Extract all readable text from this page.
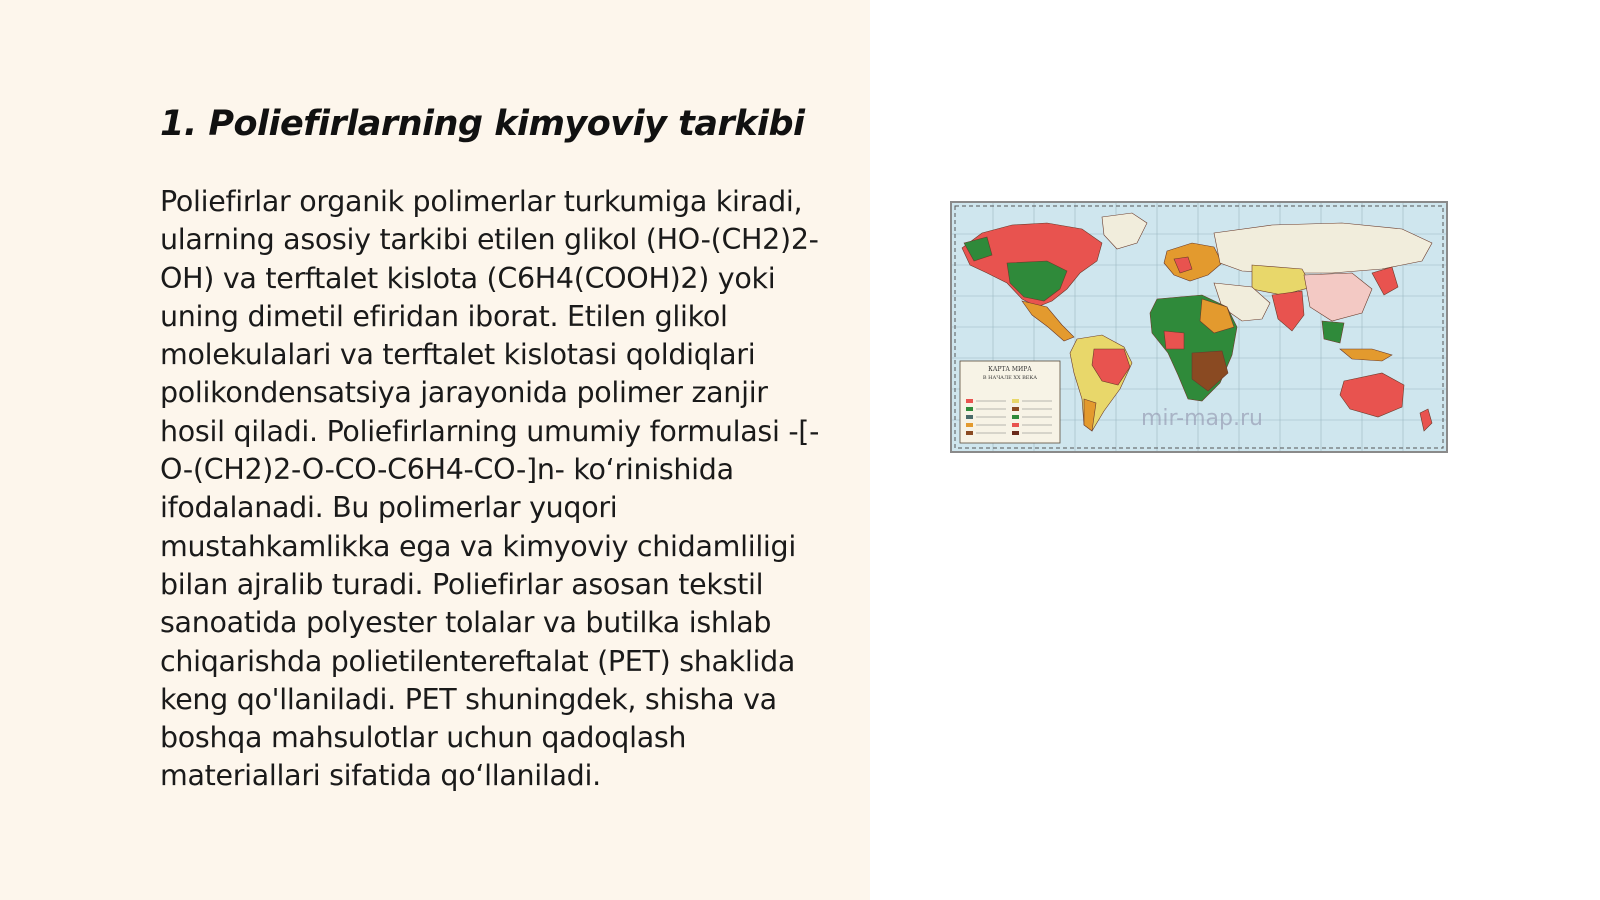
1. Poliefirlarning kimyoviy tarkibi

Poliefirlar organik polimerlar turkumiga kiradi, ularning asosiy tarkibi etilen glikol (HO-(CH2)2-OH) va terftalet kislota (C6H4(COOH)2) yoki uning dimetil efiridan iborat. Etilen glikol molekulalari va terftalet kislotasi qoldiqlari polikondensatsiya jarayonida polimer zanjir hosil qiladi. Poliefirlarning umumiy formulasi -[-O-(CH2)2-O-CO-C6H4-CO-]n- ko‘rinishida ifodalanadi. Bu polimerlar yuqori mustahkamlikka ega va kimyoviy chidamliligi bilan ajralib turadi. Poliefirlar asosan tekstil sanoatida polyester tolalar va butilka ishlab chiqarishda polietilentereftalat (PET) shaklida keng qo'llaniladi. PET shuningdek, shisha va boshqa mahsulotlar uchun qadoqlash materiallari sifatida qo‘llaniladi.

КАРТА МИРА
В НАЧАЛЕ XX ВЕКА
mir-map.ru
